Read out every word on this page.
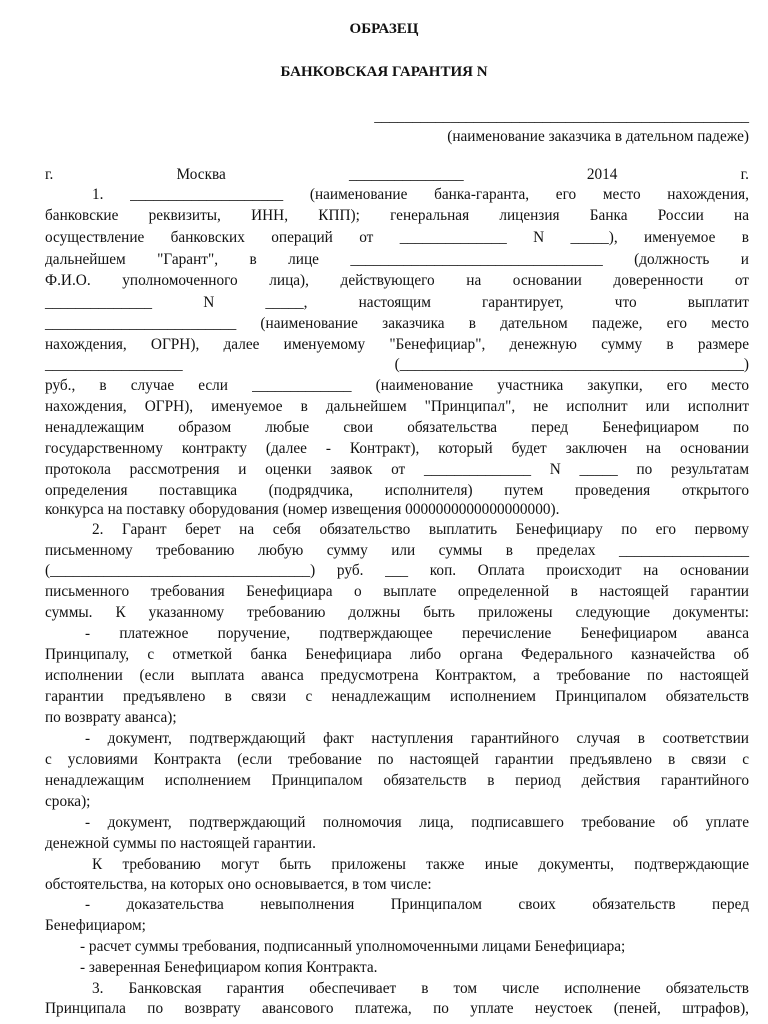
ОБРАЗЕЦ
БАНКОВСКАЯ ГАРАНТИЯ N
_________________________________________________
(наименование заказчика в дательном падеже)
г. Москва _______________ 2014 г.
1. ____________________ (наименование банка-гаранта, его место нахождения,
банковские реквизиты, ИНН, КПП); генеральная лицензия Банка России на
осуществление банковских операций от ______________ N _____), именуемое в
дальнейшем "Гарант", в лице _________________________________ (должность и
Ф.И.О. уполномоченного лица), действующего на основании доверенности от
______________ N _____, настоящим гарантирует, что выплатит
_________________________ (наименование заказчика в дательном падеже, его место
нахождения, ОГРН), далее именуемому "Бенефициар", денежную сумму в размере
__________________ (_____________________________________________)
руб., в случае если _____________ (наименование участника закупки, его место
нахождения, ОГРН), именуемое в дальнейшем "Принципал", не исполнит или исполнит
ненадлежащим образом любые свои обязательства перед Бенефициаром по
государственному контракту (далее - Контракт), который будет заключен на основании
протокола рассмотрения и оценки заявок от ______________ N _____ по результатам
определения поставщика (подрядчика, исполнителя) путем проведения открытого
конкурса на поставку оборудования (номер извещения 0000000000000000000).
2. Гарант берет на себя обязательство выплатить Бенефициару по его первому
письменному требованию любую сумму или суммы в пределах _________________
(__________________________________) руб. ___ коп. Оплата происходит на основании
письменного требования Бенефициара о выплате определенной в настоящей гарантии
суммы. К указанному требованию должны быть приложены следующие документы:
- платежное поручение, подтверждающее перечисление Бенефициаром аванса
Принципалу, с отметкой банка Бенефициара либо органа Федерального казначейства об
исполнении (если выплата аванса предусмотрена Контрактом, а требование по настоящей
гарантии предъявлено в связи с ненадлежащим исполнением Принципалом обязательств
по возврату аванса);
- документ, подтверждающий факт наступления гарантийного случая в соответствии
с условиями Контракта (если требование по настоящей гарантии предъявлено в связи с
ненадлежащим исполнением Принципалом обязательств в период действия гарантийного
срока);
- документ, подтверждающий полномочия лица, подписавшего требование об уплате
денежной суммы по настоящей гарантии.
К требованию могут быть приложены также иные документы, подтверждающие
обстоятельства, на которых оно основывается, в том числе:
- доказательства невыполнения Принципалом своих обязательств перед
Бенефициаром;
- расчет суммы требования, подписанный уполномоченными лицами Бенефициара;
- заверенная Бенефициаром копия Контракта.
3. Банковская гарантия обеспечивает в том числе исполнение обязательств
Принципала по возврату авансового платежа, по уплате неустоек (пеней, штрафов),
